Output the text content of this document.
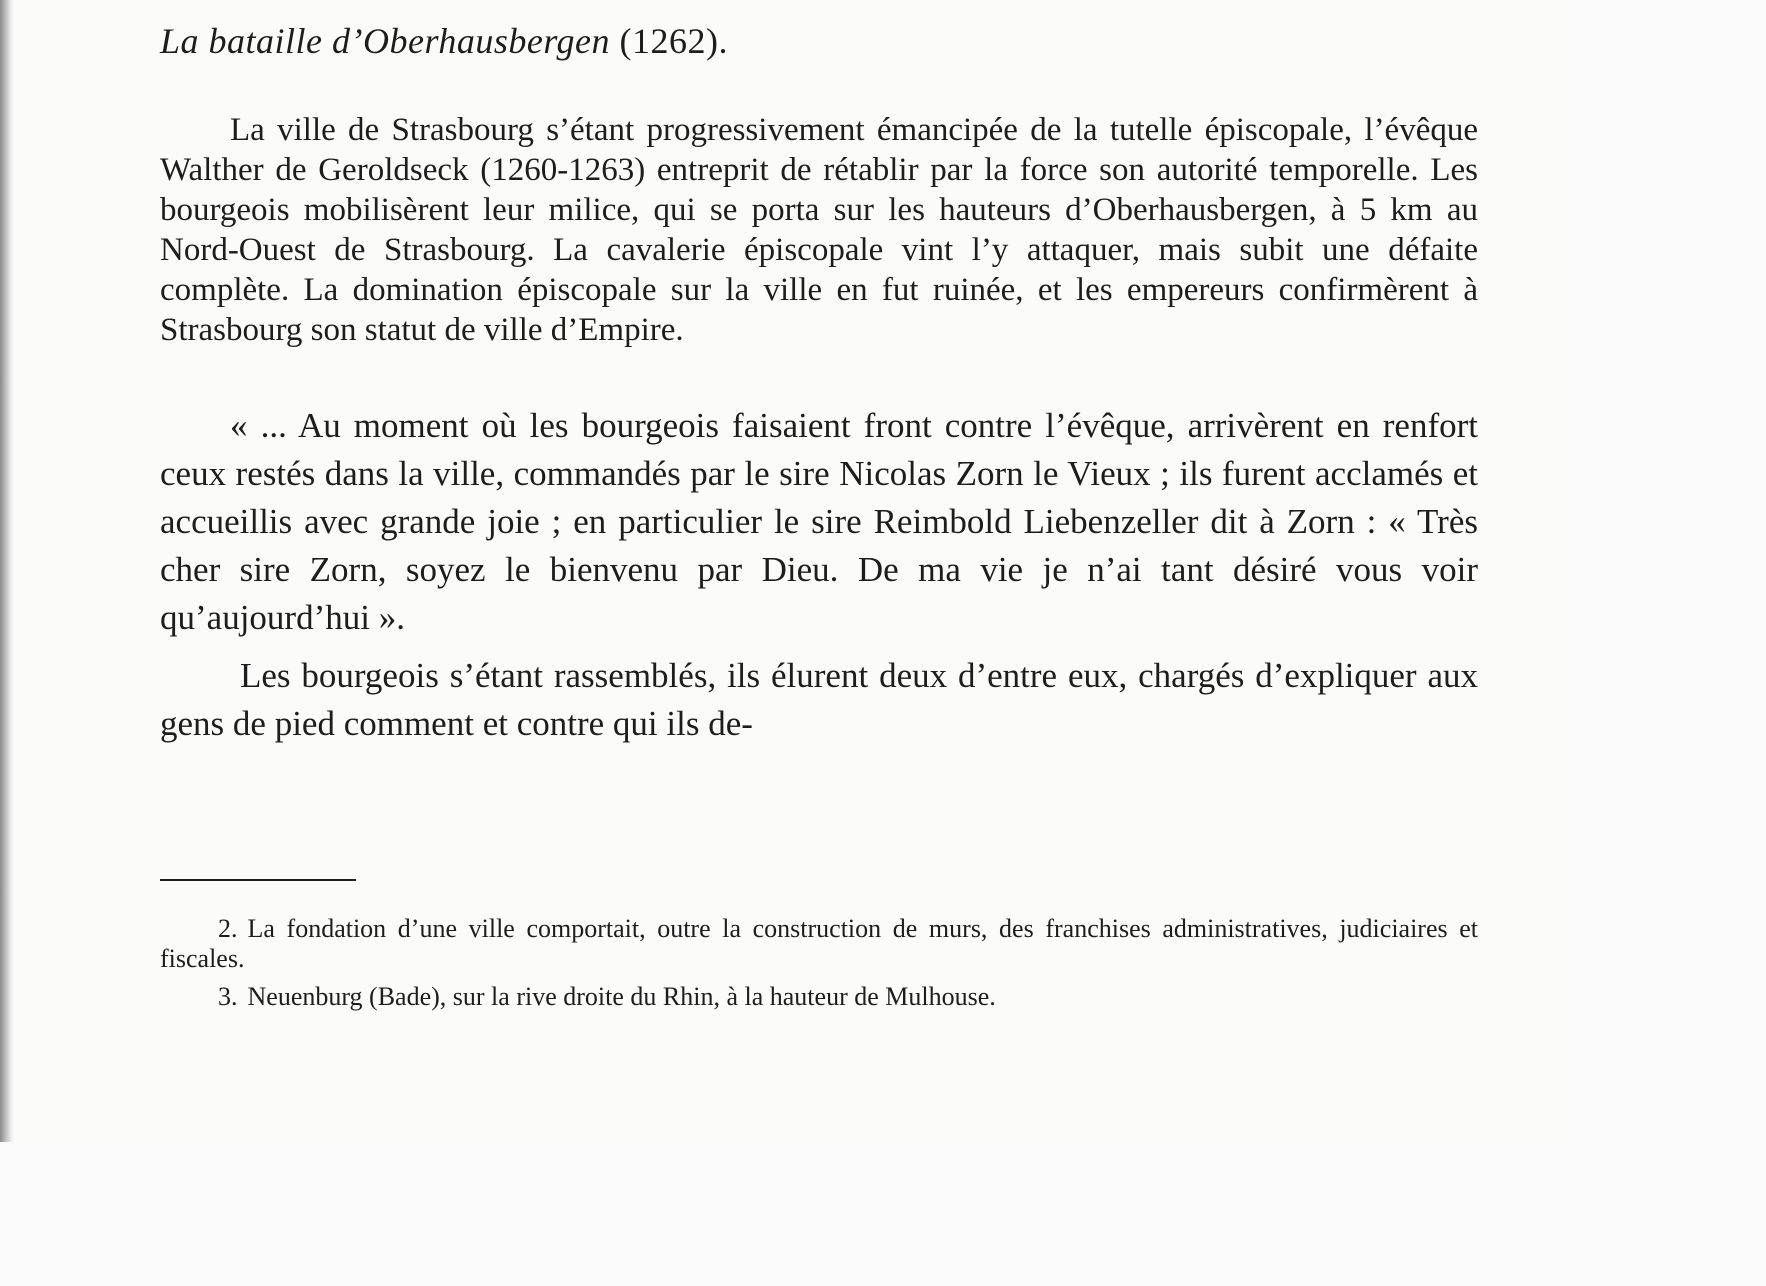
La bataille d’Oberhausbergen (1262).

La ville de Strasbourg s’étant progressivement émancipée de la tutelle épiscopale, l’évêque Walther de Geroldseck (1260-1263) entreprit de rétablir par la force son autorité temporelle. Les bourgeois mobilisèrent leur milice, qui se porta sur les hauteurs d’Oberhausbergen, à 5 km au Nord-Ouest de Strasbourg. La cavalerie épiscopale vint l’y attaquer, mais subit une défaite complète. La domination épiscopale sur la ville en fut ruinée, et les empereurs confirmèrent à Strasbourg son statut de ville d’Empire.

« ... Au moment où les bourgeois faisaient front contre l’évêque, arrivèrent en renfort ceux restés dans la ville, commandés par le sire Nicolas Zorn le Vieux ; ils furent acclamés et accueillis avec grande joie ; en particulier le sire Reimbold Liebenzeller dit à Zorn : « Très cher sire Zorn, soyez le bienvenu par Dieu. De ma vie je n’ai tant désiré vous voir qu’aujourd’hui ».

Les bourgeois s’étant rassemblés, ils élurent deux d’entre eux, chargés d’expliquer aux gens de pied comment et contre qui ils de-

2. La fondation d’une ville comportait, outre la construction de murs, des franchises administratives, judiciaires et fiscales.

3. Neuenburg (Bade), sur la rive droite du Rhin, à la hauteur de Mulhouse.
